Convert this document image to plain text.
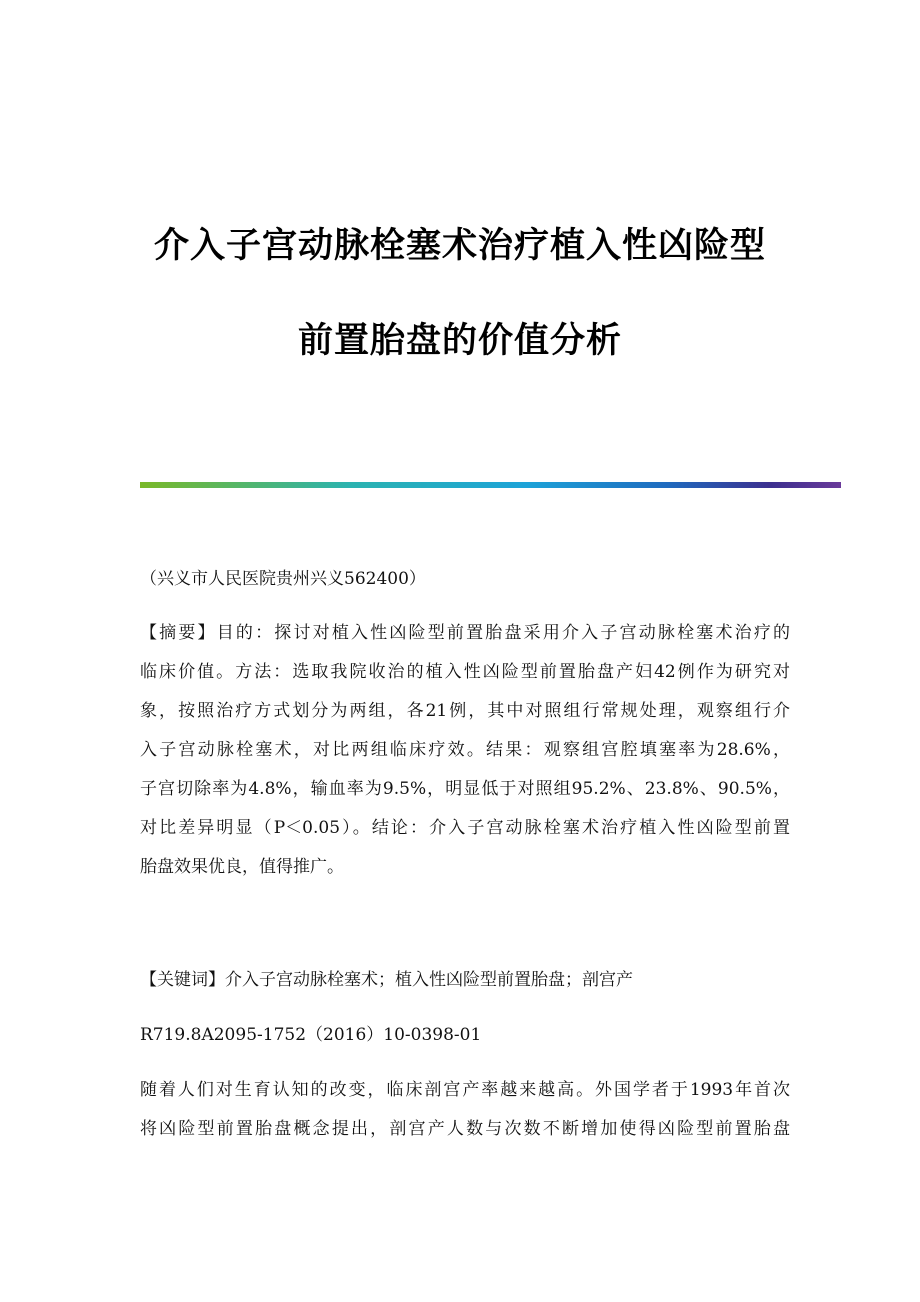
介入子宫动脉栓塞术治疗植入性凶险型
前置胎盘的价值分析

（兴义市人民医院贵州兴义562400）

【摘要】目的：探讨对植入性凶险型前置胎盘采用介入子宫动脉栓塞术治疗的
临床价值。方法：选取我院收治的植入性凶险型前置胎盘产妇42例作为研究对
象，按照治疗方式划分为两组，各21例，其中对照组行常规处理，观察组行介
入子宫动脉栓塞术，对比两组临床疗效。结果：观察组宫腔填塞率为28.6%，
子宫切除率为4.8%，输血率为9.5%，明显低于对照组95.2%、23.8%、90.5%，
对比差异明显（P＜0.05）。结论：介入子宫动脉栓塞术治疗植入性凶险型前置
胎盘效果优良，值得推广。

【关键词】介入子宫动脉栓塞术；植入性凶险型前置胎盘；剖宫产

R719.8A2095-1752（2016）10-0398-01

随着人们对生育认知的改变，临床剖宫产率越来越高。外国学者于1993年首次
将凶险型前置胎盘概念提出，剖宫产人数与次数不断增加使得凶险型前置胎盘
